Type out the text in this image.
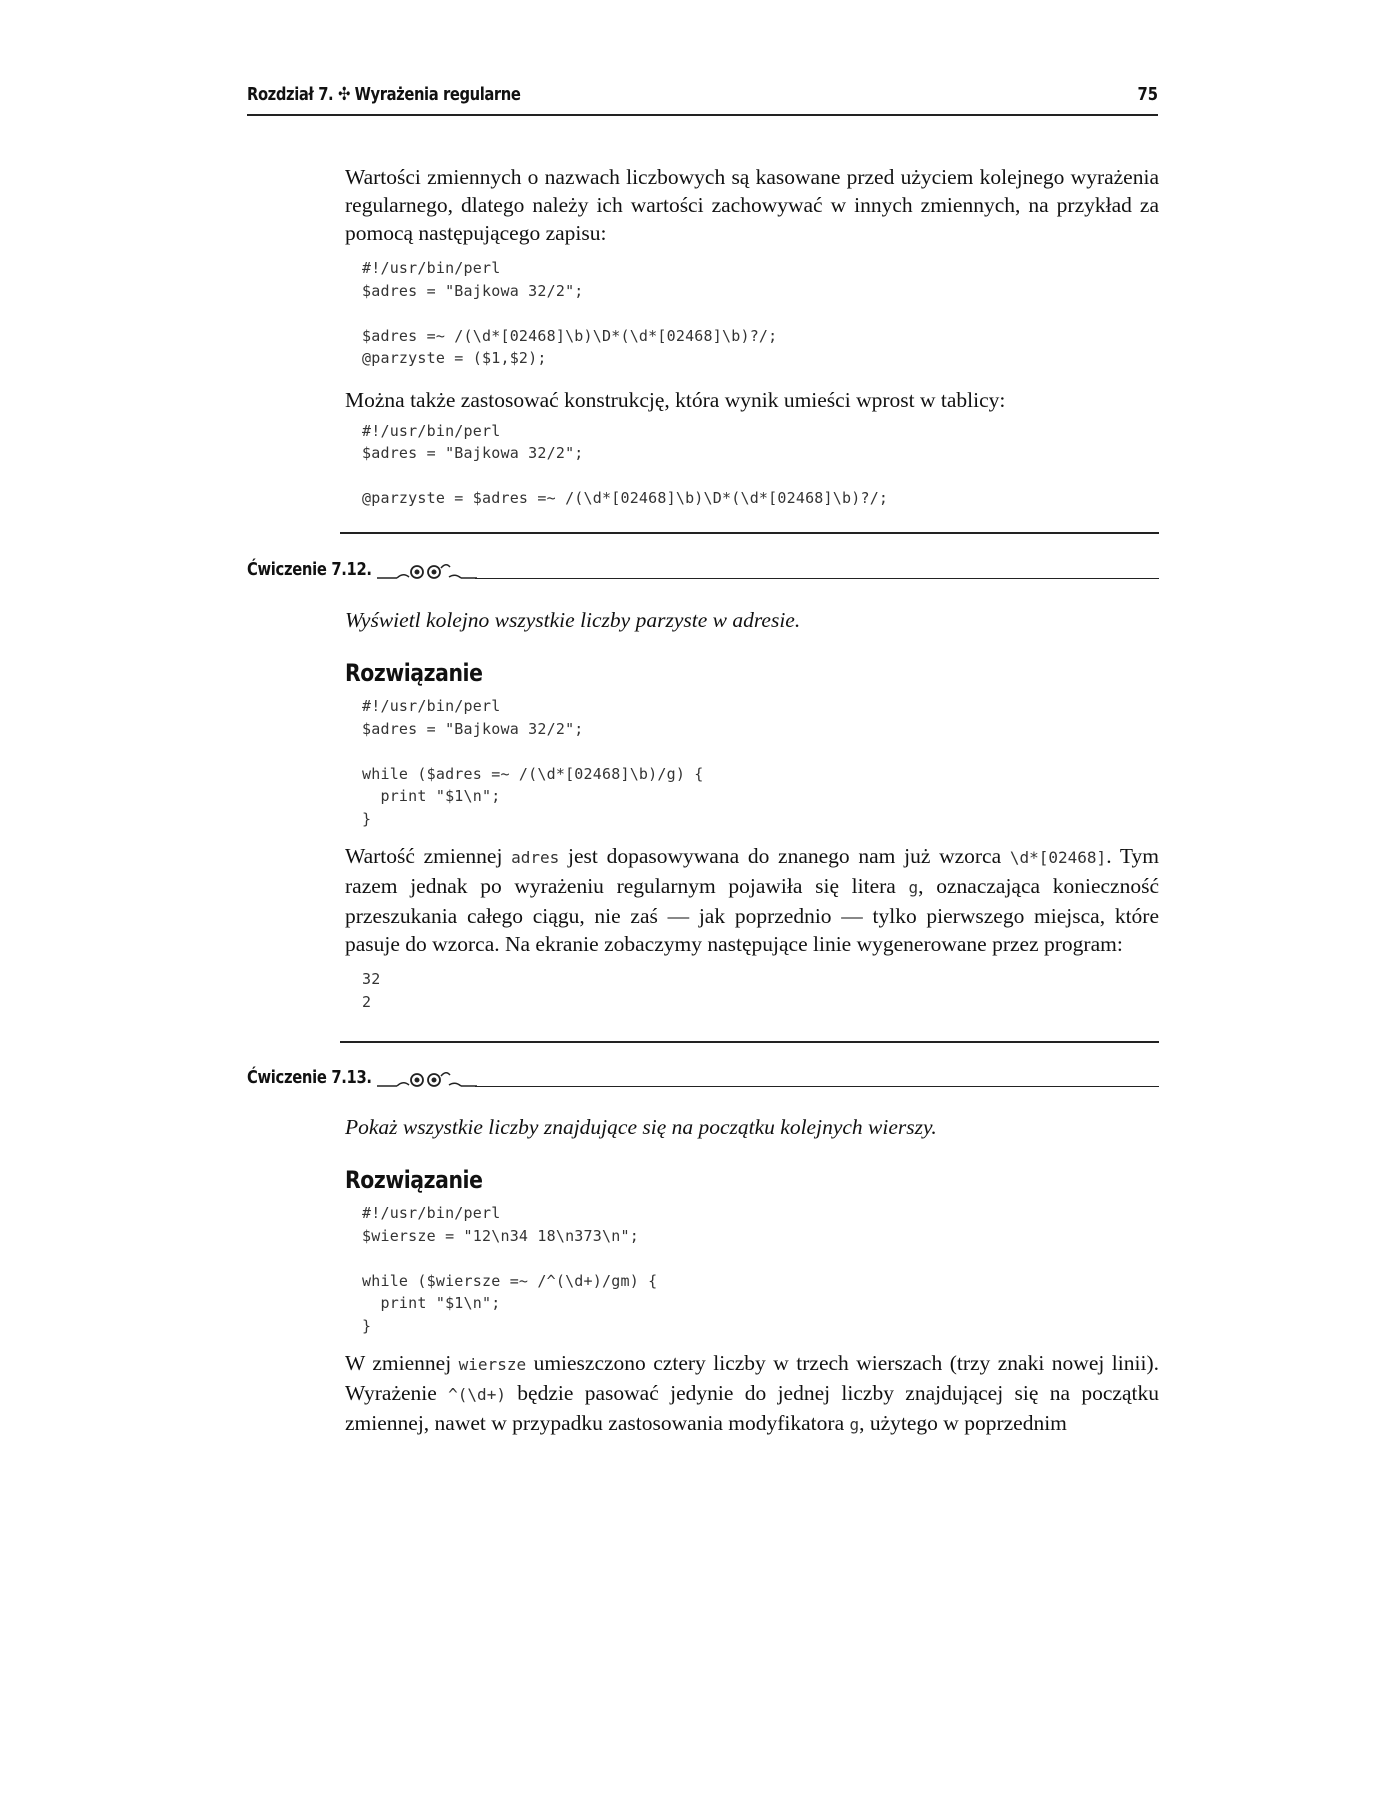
Rozdział 7. ✣ Wyrażenia regularne	75

Wartości zmiennych o nazwach liczbowych są kasowane przed użyciem kolejnego wyrażenia regularnego, dlatego należy ich wartości zachowywać w innych zmiennych, na przykład za pomocą następującego zapisu:

#!/usr/bin/perl
$adres = "Bajkowa 32/2";

$adres =~ /(\d*[02468]\b)\D*(\d*[02468]\b)?/;
@parzyste = ($1,$2);

Można także zastosować konstrukcję, która wynik umieści wprost w tablicy:

#!/usr/bin/perl
$adres = "Bajkowa 32/2";

@parzyste = $adres =~ /(\d*[02468]\b)\D*(\d*[02468]\b)?/;
Ćwiczenie 7.12.

Wyświetl kolejno wszystkie liczby parzyste w adresie.

Rozwiązanie
#!/usr/bin/perl
$adres = "Bajkowa 32/2";

while ($adres =~ /(\d*[02468]\b)/g) {
print "$1\n";
}

Wartość zmiennej adres jest dopasowywana do znanego nam już wzorca \d*[02468]. Tym razem jednak po wyrażeniu regularnym pojawiła się litera g, oznaczająca konieczność przeszukania całego ciągu, nie zaś — jak poprzednio — tylko pierwszego miejsca, które pasuje do wzorca. Na ekranie zobaczymy następujące linie wygenerowane przez program:

32
2
Ćwiczenie 7.13.

Pokaż wszystkie liczby znajdujące się na początku kolejnych wierszy.

Rozwiązanie
#!/usr/bin/perl
$wiersze = "12\n34 18\n373\n";

while ($wiersze =~ /^(\d+)/gm) {
print "$1\n";
}

W zmiennej wiersze umieszczono cztery liczby w trzech wierszach (trzy znaki nowej linii). Wyrażenie ^(\d+) będzie pasować jedynie do jednej liczby znajdującej się na początku zmiennej, nawet w przypadku zastosowania modyfikatora g, użytego w poprzednim
